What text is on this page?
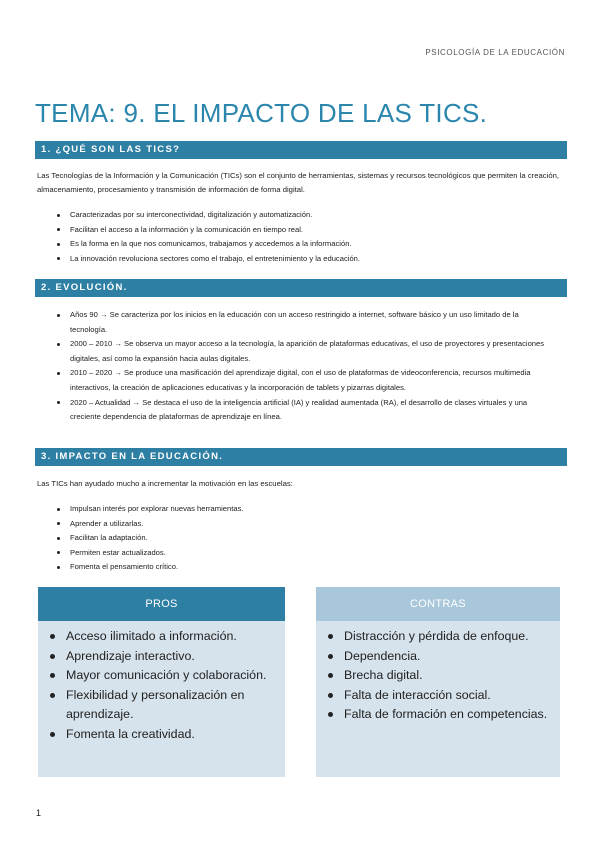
PSICOLOGÍA DE LA EDUCACIÓN
TEMA: 9. EL IMPACTO DE LAS TICS.
1. ¿QUÉ SON LAS TICS?
Las Tecnologías de la Información y la Comunicación (TICs) son el conjunto de herramientas, sistemas y recursos tecnológicos que permiten la creación, almacenamiento, procesamiento y transmisión de información de forma digital.
Caracterizadas por su interconectividad, digitalización y automatización.
Facilitan el acceso a la información y la comunicación en tiempo real.
Es la forma en la que nos comunicamos, trabajamos y accedemos a la información.
La innovación revoluciona sectores como el trabajo, el entretenimiento y la educación.
2. EVOLUCIÓN.
Años 90 → Se caracteriza por los inicios en la educación con un acceso restringido a internet, software básico y un uso limitado de la tecnología.
2000 – 2010 → Se observa un mayor acceso a la tecnología, la aparición de plataformas educativas, el uso de proyectores y presentaciones digitales, así como la expansión hacia aulas digitales.
2010 – 2020 → Se produce una masificación del aprendizaje digital, con el uso de plataformas de videoconferencia, recursos multimedia interactivos, la creación de aplicaciones educativas y la incorporación de tablets y pizarras digitales.
2020 – Actualidad → Se destaca el uso de la inteligencia artificial (IA) y realidad aumentada (RA), el desarrollo de clases virtuales y una creciente dependencia de plataformas de aprendizaje en línea.
3. IMPACTO EN LA EDUCACIÓN.
Las TICs han ayudado mucho a incrementar la motivación en las escuelas:
Impulsan interés por explorar nuevas herramientas.
Aprender a utilizarlas.
Facilitan la adaptación.
Permiten estar actualizados.
Fomenta el pensamiento crítico.
PROS
Acceso ilimitado a información.
Aprendizaje interactivo.
Mayor comunicación y colaboración.
Flexibilidad y personalización en aprendizaje.
Fomenta la creatividad.
CONTRAS
Distracción y pérdida de enfoque.
Dependencia.
Brecha digital.
Falta de interacción social.
Falta de formación en competencias.
1
